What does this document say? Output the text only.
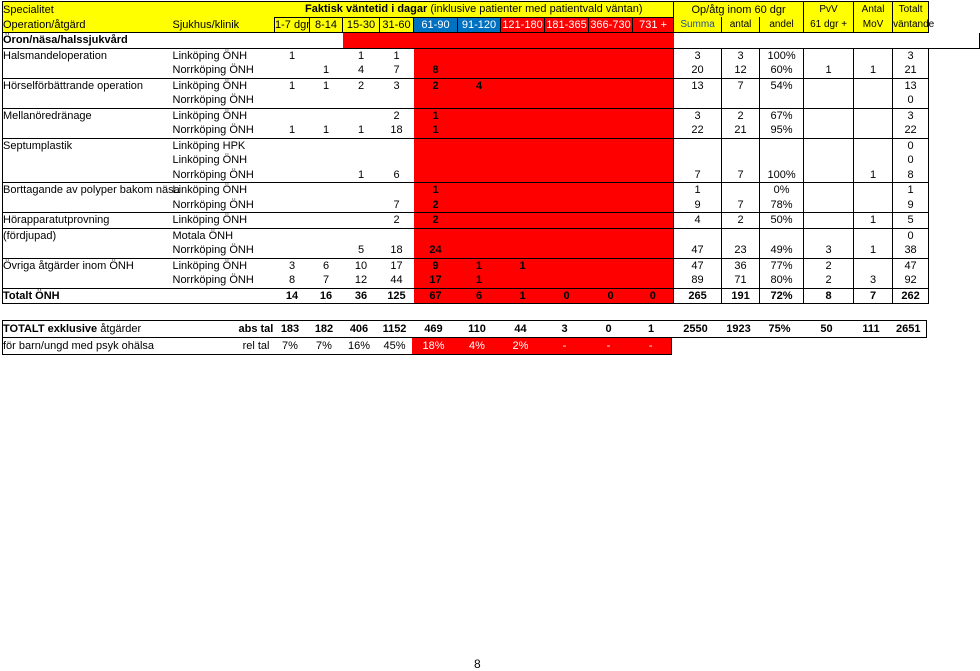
Specialitet		Faktisk väntetid i dagar (inklusive patienter med patientvald väntan)										Op/åtg inom 60 dgr			PvV	Antal	Totalt	
Operation/åtgärd	Sjukhus/klinik	1-7 dgr	8-14	15-30	31-60	61-90	91-120	121-180	181-365	366-730	731 +	Summa	antal	andel	61 dgr +	MoV	väntande	
Öron/näsa/halssjukvård																		
Halsmandeloperation	Linköping ÖNH	1		1	1							3	3	100%			3	
	Norrköping ÖNH		1	4	7	8						20	12	60%	1	1	21	
Hörselförbättrande operation	Linköping ÖNH	1	1	2	3	2	4					13	7	54%			13	
	Norrköping ÖNH																0	
Mellanöredränage	Linköping ÖNH				2	1						3	2	67%			3	
	Norrköping ÖNH	1	1	1	18	1						22	21	95%			22	
Septumplastik	Linköping HPK																0	
	Linköping ÖNH																0	
	Norrköping ÖNH			1	6							7	7	100%		1	8	
Borttagande av polyper bakom näsa	Linköping ÖNH					1						1		0%			1	
	Norrköping ÖNH				7	2						9	7	78%			9	
Hörapparatutprovning	Linköping ÖNH				2	2						4	2	50%		1	5	
(fördjupad)	Motala ÖNH																0	
	Norrköping ÖNH			5	18	24						47	23	49%	3	1	38	
Övriga åtgärder inom ÖNH	Linköping ÖNH	3	6	10	17	9	1	1				47	36	77%	2		47	
	Norrköping ÖNH	8	7	12	44	17	1					89	71	80%	2	3	92	
Totalt ÖNH		14	16	36	125	67	6	1	0	0	0	265	191	72%	8	7	262	

TOTALT exklusive åtgärder	abs tal	183	182	406	1152	469	110	44	3	0	1	2550	1923	75%	50	111	2651
för barn/ungd med psyk ohälsa	rel tal	7%	7%	16%	45%	18%	4%	2%	-	-	-						
8
